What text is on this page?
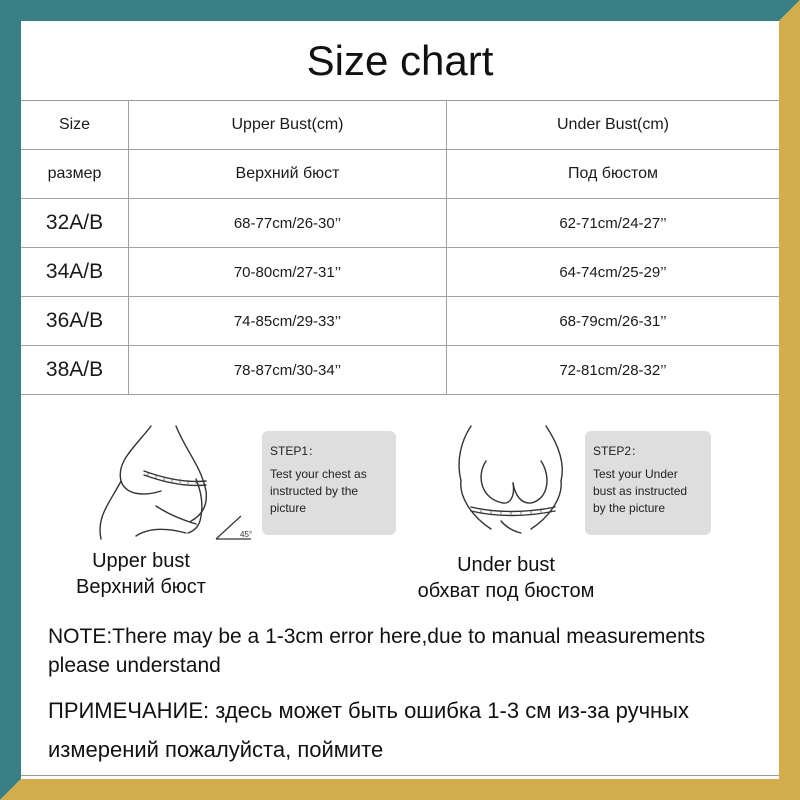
Size chart
Size	Upper Bust(cm)	Under Bust(cm)
размер	Верхний бюст	Под бюстом
32A/B	68-77cm/26-30’’	62-71cm/24-27’’
34A/B	70-80cm/27-31’’	64-74cm/25-29’’
36A/B	74-85cm/29-33’’	68-79cm/26-31’’
38A/B	78-87cm/30-34’’	72-81cm/28-32’’
45°
STEP1：
Test your chest as instructed by the picture
STEP2：
Test your Under bust as instructed by the picture
Upper bust
Верхний бюст
Under bust
обхват под бюстом
NOTE:There may be a 1-3cm error here,due to manual measurements please understand
ПРИМЕЧАНИЕ: здесь может быть ошибка 1-3 см из-за ручных измерений пожалуйста, поймите
